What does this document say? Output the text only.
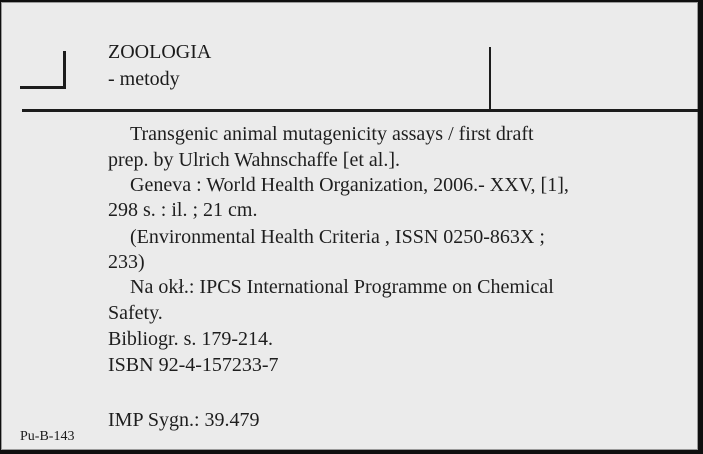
ZOOLOGIA
- metody
Transgenic animal mutagenicity assays / first draft
prep. by Ulrich Wahnschaffe [et al.].
Geneva : World Health Organization, 2006.- XXV, [1],
298 s. : il. ; 21 cm.
(Environmental Health Criteria , ISSN 0250-863X ;
233)
Na okł.: IPCS International Programme on Chemical
Safety.
Bibliogr. s. 179-214.
ISBN 92-4-157233-7
IMP Sygn.: 39.479
Pu-B-143
